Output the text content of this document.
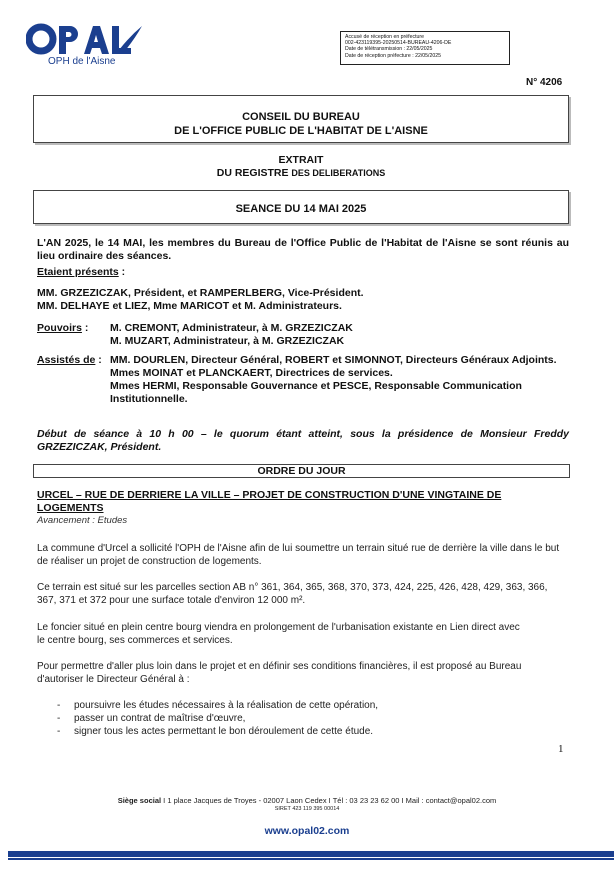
OPH de l'Aisne
Accusé de réception en préfecture
002-423119395-20250514-BUREAU-4206-DE
Date de télétransmission : 22/05/2025
Date de réception préfecture : 22/05/2025
N° 4206
CONSEIL DU BUREAU
DE L'OFFICE PUBLIC DE L'HABITAT DE L'AISNE
EXTRAIT
DU REGISTRE DES DELIBERATIONS
SEANCE DU 14 MAI 2025
L'AN 2025, le 14 MAI, les membres du Bureau de l'Office Public de l'Habitat de l'Aisne se sont réunis au lieu ordinaire des séances.
Etaient présents :
MM. GRZEZICZAK, Président, et RAMPERLBERG, Vice-Président.
MM. DELHAYE et LIEZ, Mme MARICOT et M. Administrateurs.
Pouvoirs : M. CREMONT, Administrateur, à M. GRZEZICZAK
M. MUZART, Administrateur, à M. GRZEZICZAK
Assistés de : MM. DOURLEN, Directeur Général, ROBERT et SIMONNOT, Directeurs Généraux Adjoints.
Mmes MOINAT et PLANCKAERT, Directrices de services.
Mmes HERMI, Responsable Gouvernance et PESCE, Responsable Communication Institutionnelle.
Début de séance à 10 h 00 – le quorum étant atteint, sous la présidence de Monsieur Freddy GRZEZICZAK, Président.
ORDRE DU JOUR
URCEL – RUE DE DERRIERE LA VILLE – PROJET DE CONSTRUCTION D'UNE VINGTAINE DE LOGEMENTS
Avancement : Etudes
La commune d'Urcel a sollicité l'OPH de l'Aisne afin de lui soumettre un terrain situé rue de derrière la ville dans le but de réaliser un projet de construction de logements.
Ce terrain est situé sur les parcelles section AB n° 361, 364, 365, 368, 370, 373, 424, 225, 426, 428, 429, 363, 366, 367, 371 et 372 pour une surface totale d'environ 12 000 m².
Le foncier situé en plein centre bourg viendra en prolongement de l'urbanisation existante en Lien direct avec le centre bourg, ses commerces et services.
Pour permettre d'aller plus loin dans le projet et en définir ses conditions financières, il est proposé au Bureau d'autoriser le Directeur Général à :
- poursuivre les études nécessaires à la réalisation de cette opération,
- passer un contrat de maîtrise d'œuvre,
- signer tous les actes permettant le bon déroulement de cette étude.
1
Siège social I 1 place Jacques de Troyes - 02007 Laon Cedex I Tél : 03 23 23 62 00 I Mail : contact@opal02.com
SIRET 423 119 395 00014
www.opal02.com
